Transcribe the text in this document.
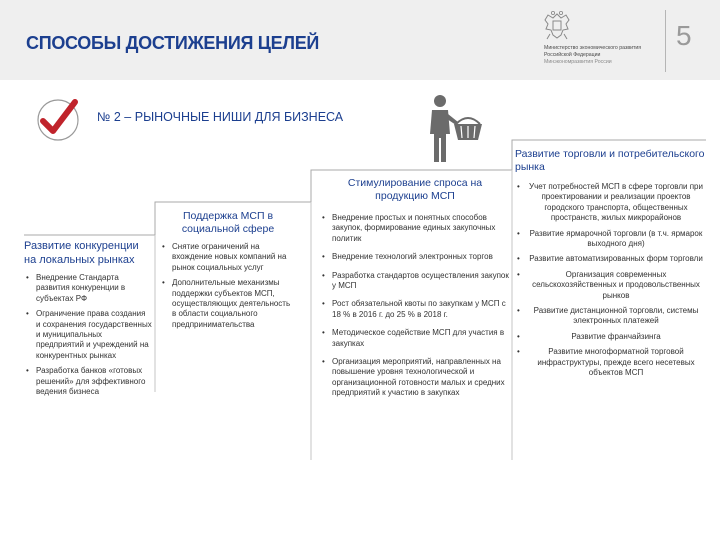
СПОСОБЫ ДОСТИЖЕНИЯ ЦЕЛЕЙ	Министерство экономического развития
Российской Федерации
Минэкономразвития России
5
№ 2 – РЫНОЧНЫЕ НИШИ ДЛЯ БИЗНЕСА
Развитие конкуренции на локальных рынках
• Внедрение Стандарта развития конкуренции в субъектах РФ
• Ограничение права создания и сохранения государственных и муниципальных предприятий и учреждений на конкурентных рынках
• Разработка банков «готовых решений» для эффективного ведения бизнеса
Поддержка МСП в социальной сфере
• Снятие ограничений на вхождение новых компаний на рынок социальных услуг
• Дополнительные механизмы поддержки субъектов МСП, осуществляющих деятельность в области социального предпринимательства
Стимулирование спроса на продукцию МСП
• Внедрение простых и понятных способов закупок, формирование единых закупочных политик
• Внедрение технологий электронных торгов
• Разработка стандартов осуществления закупок у МСП
• Рост обязательной квоты по закупкам у МСП с 18 % в 2016 г. до 25 % в 2018 г.
• Методическое содействие МСП для участия в закупках
• Организация мероприятий, направленных на повышение уровня технологической и организационной готовности малых и средних предприятий к участию в закупках
Развитие торговли и потребительского рынка
• Учет потребностей МСП в сфере торговли при проектировании и реализации проектов городского транспорта, общественных пространств, жилых микрорайонов
• Развитие ярмарочной торговли (в т.ч. ярмарок выходного дня)
• Развитие автоматизированных форм торговли
• Организация современных сельскохозяйственных и продовольственных рынков
• Развитие дистанционной торговли, системы электронных платежей
• Развитие франчайзинга
• Развитие многоформатной торговой инфраструктуры, прежде всего несетевых объектов МСП
